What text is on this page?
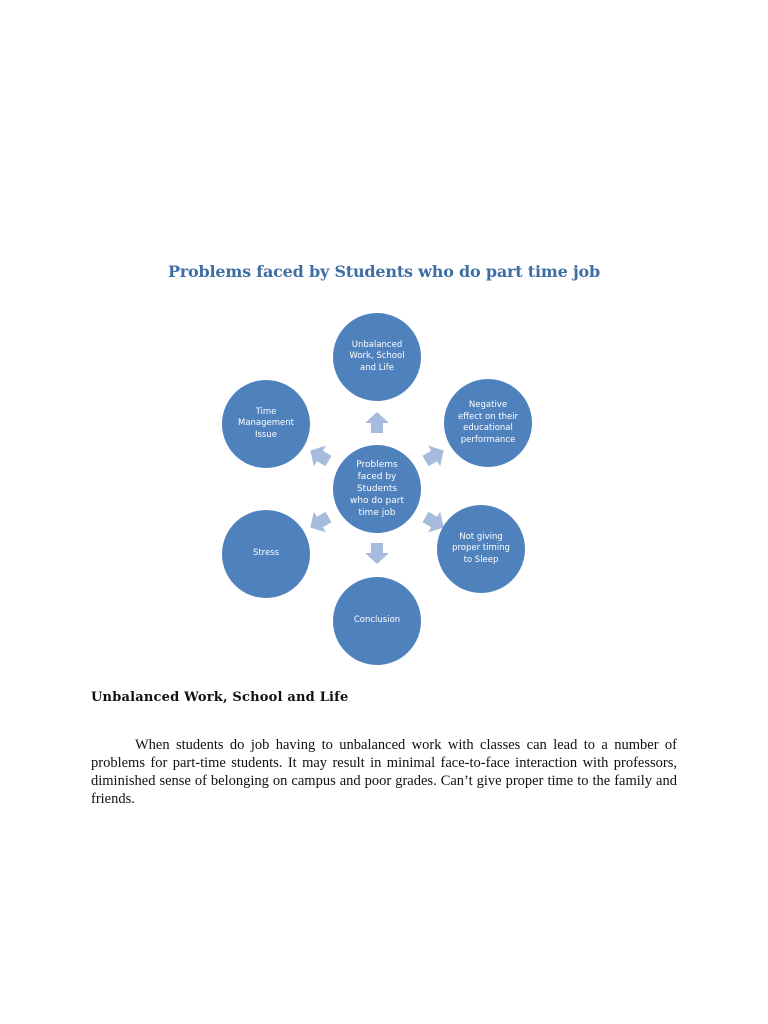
Problems faced by Students who do part time job
Unbalanced Work, School and Life
Negative effect on their educational performance
Not giving proper timing to Sleep
Conclusion
Stress
Time Management Issue
Problems faced by Students who do part time job
Unbalanced Work, School and Life

When students do job having to unbalanced work with classes can lead to a number of problems for part-time students. It may result in minimal face-to-face interaction with professors, diminished sense of belonging on campus and poor grades. Can’t give proper time to the family and friends.
